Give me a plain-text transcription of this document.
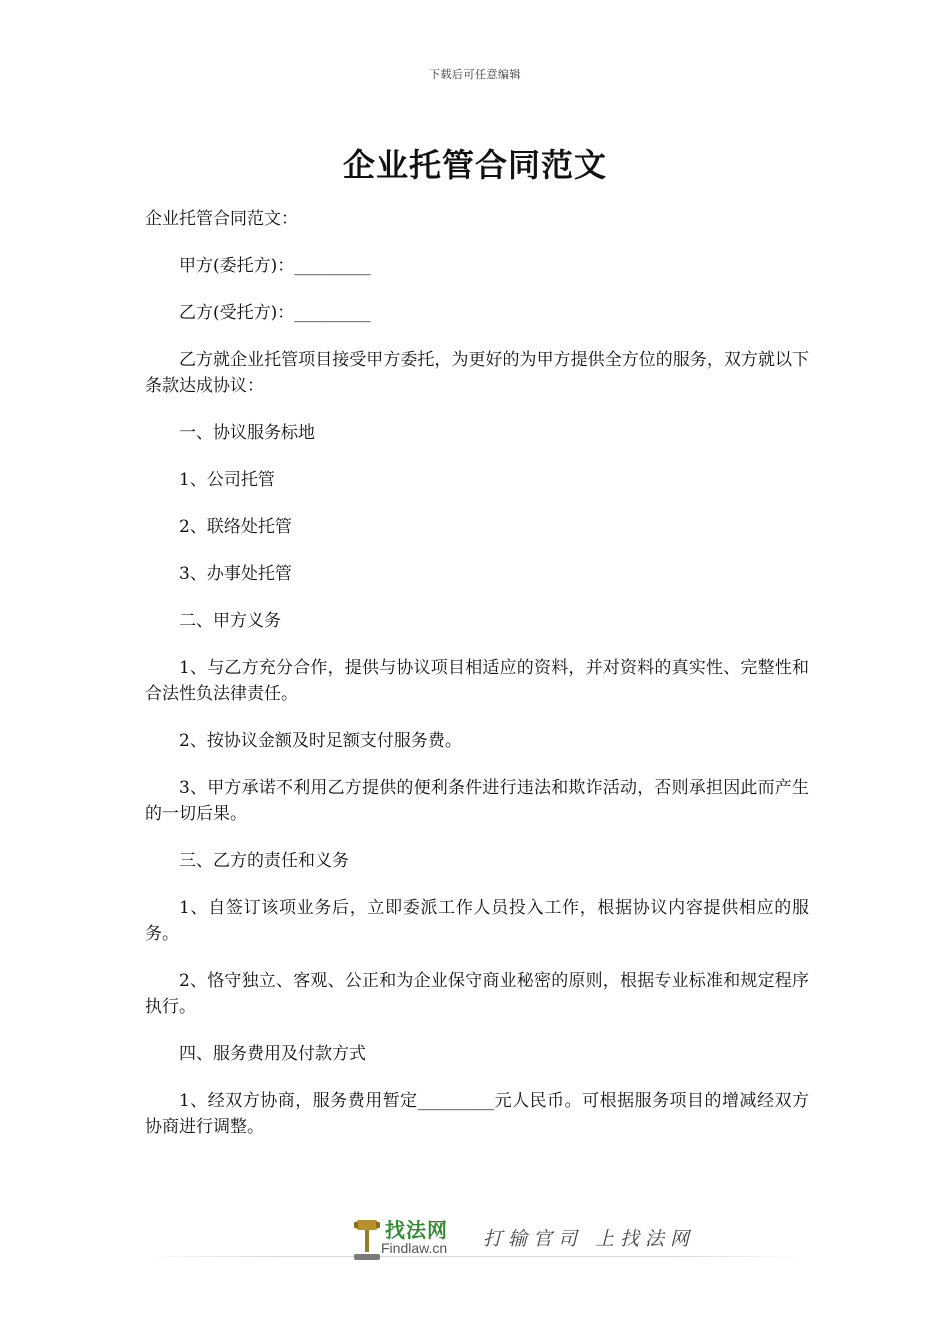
下载后可任意编辑
企业托管合同范文

企业托管合同范文：

甲方(委托方)：_________

乙方(受托方)：_________

乙方就企业托管项目接受甲方委托，为更好的为甲方提供全方位的服务，双方就以下条款达成协议：

一、协议服务标地

1、公司托管

2、联络处托管

3、办事处托管

二、甲方义务

1、与乙方充分合作，提供与协议项目相适应的资料，并对资料的真实性、完整性和合法性负法律责任。

2、按协议金额及时足额支付服务费。

3、甲方承诺不利用乙方提供的便利条件进行违法和欺诈活动，否则承担因此而产生的一切后果。

三、乙方的责任和义务

1、自签订该项业务后，立即委派工作人员投入工作，根据协议内容提供相应的服务。

2、恪守独立、客观、公正和为企业保守商业秘密的原则，根据专业标准和规定程序执行。

四、服务费用及付款方式

1、经双方协商，服务费用暂定_________元人民币。可根据服务项目的增减经双方协商进行调整。

找法网
Findlaw.cn 打输官司 上找法网
